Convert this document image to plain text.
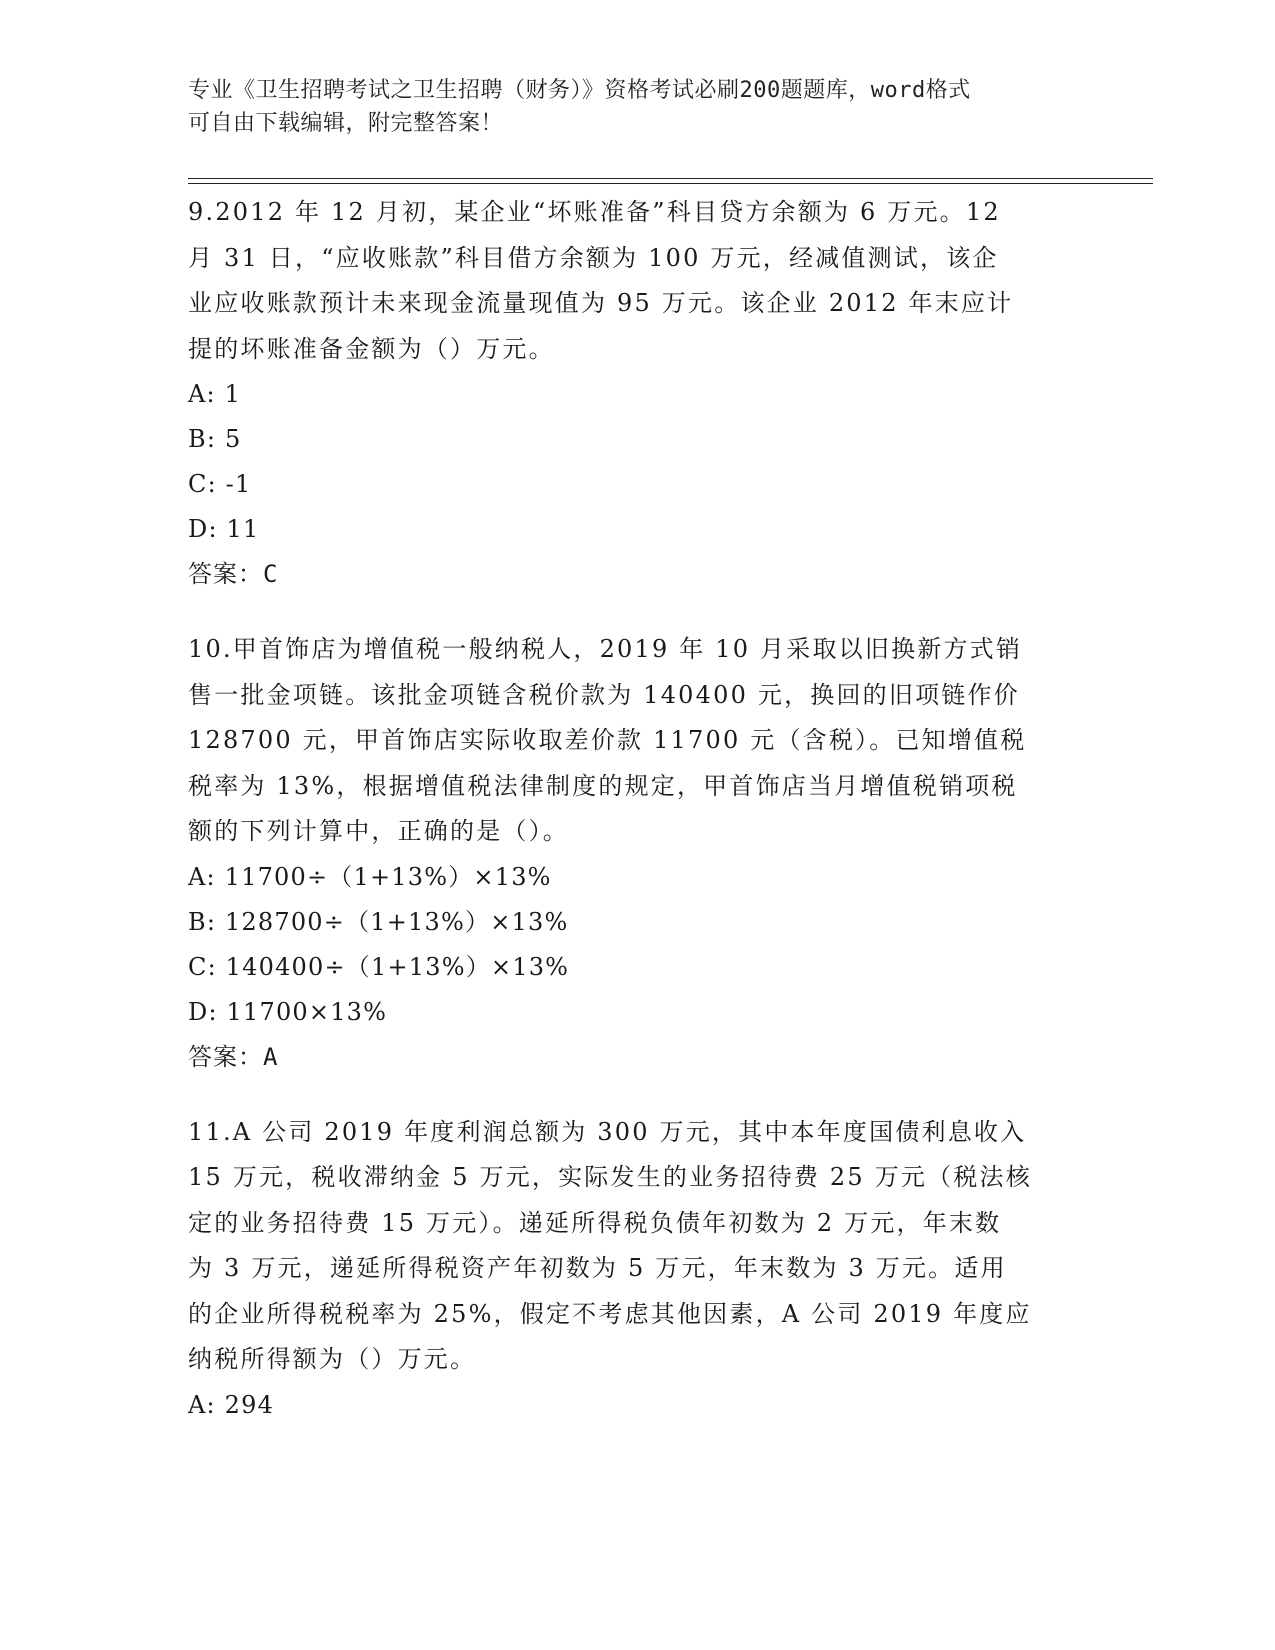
专业《卫生招聘考试之卫生招聘（财务）》资格考试必刷200题题库，word格式
可自由下载编辑，附完整答案！

9.2012 年 12 月初，某企业“坏账准备”科目贷方余额为 6 万元。12
月 31 日，“应收账款”科目借方余额为 100 万元，经减值测试，该企
业应收账款预计未来现金流量现值为 95 万元。该企业 2012 年末应计
提的坏账准备金额为（）万元。

A: 1

B: 5

C: -1

D: 11

答案：C

10.甲首饰店为增值税一般纳税人，2019 年 10 月采取以旧换新方式销
售一批金项链。该批金项链含税价款为 140400 元，换回的旧项链作价
128700 元，甲首饰店实际收取差价款 11700 元（含税）。已知增值税
税率为 13%，根据增值税法律制度的规定，甲首饰店当月增值税销项税
额的下列计算中，正确的是（）。

A: 11700÷（1+13%）×13%

B: 128700÷（1+13%）×13%

C: 140400÷（1+13%）×13%

D: 11700×13%

答案：A

11.A 公司 2019 年度利润总额为 300 万元，其中本年度国债利息收入
15 万元，税收滞纳金 5 万元，实际发生的业务招待费 25 万元（税法核
定的业务招待费 15 万元）。递延所得税负债年初数为 2 万元，年末数
为 3 万元，递延所得税资产年初数为 5 万元，年末数为 3 万元。适用
的企业所得税税率为 25%，假定不考虑其他因素，A 公司 2019 年度应
纳税所得额为（）万元。

A: 294
